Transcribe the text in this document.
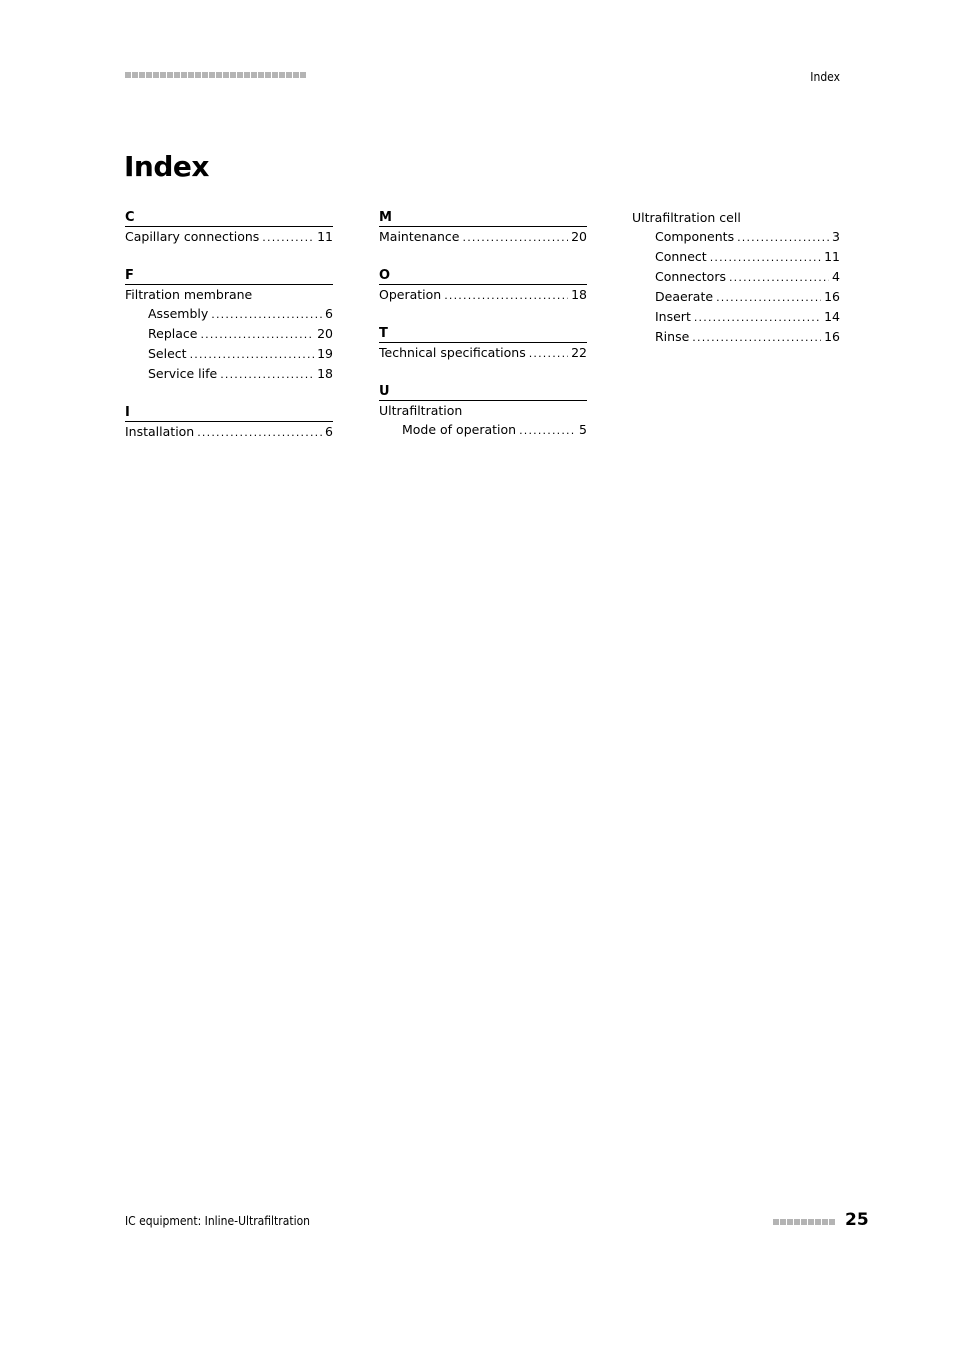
Index
Index
C
Capillary connections .....	11
F
Filtration membrane
Assembly .....	6
Replace .....	20
Select .....	19
Service life .....	18
I
Installation .....	6
M
Maintenance .....	20
O
Operation .....	18
T
Technical specifications .....	22
U
Ultrafiltration
Mode of operation .....	5
Ultrafiltration cell
Components .....	3
Connect .....	11
Connectors .....	4
Deaerate .....	16
Insert .....	14
Rinse .....	16
IC equipment: Inline-Ultrafiltration	25
